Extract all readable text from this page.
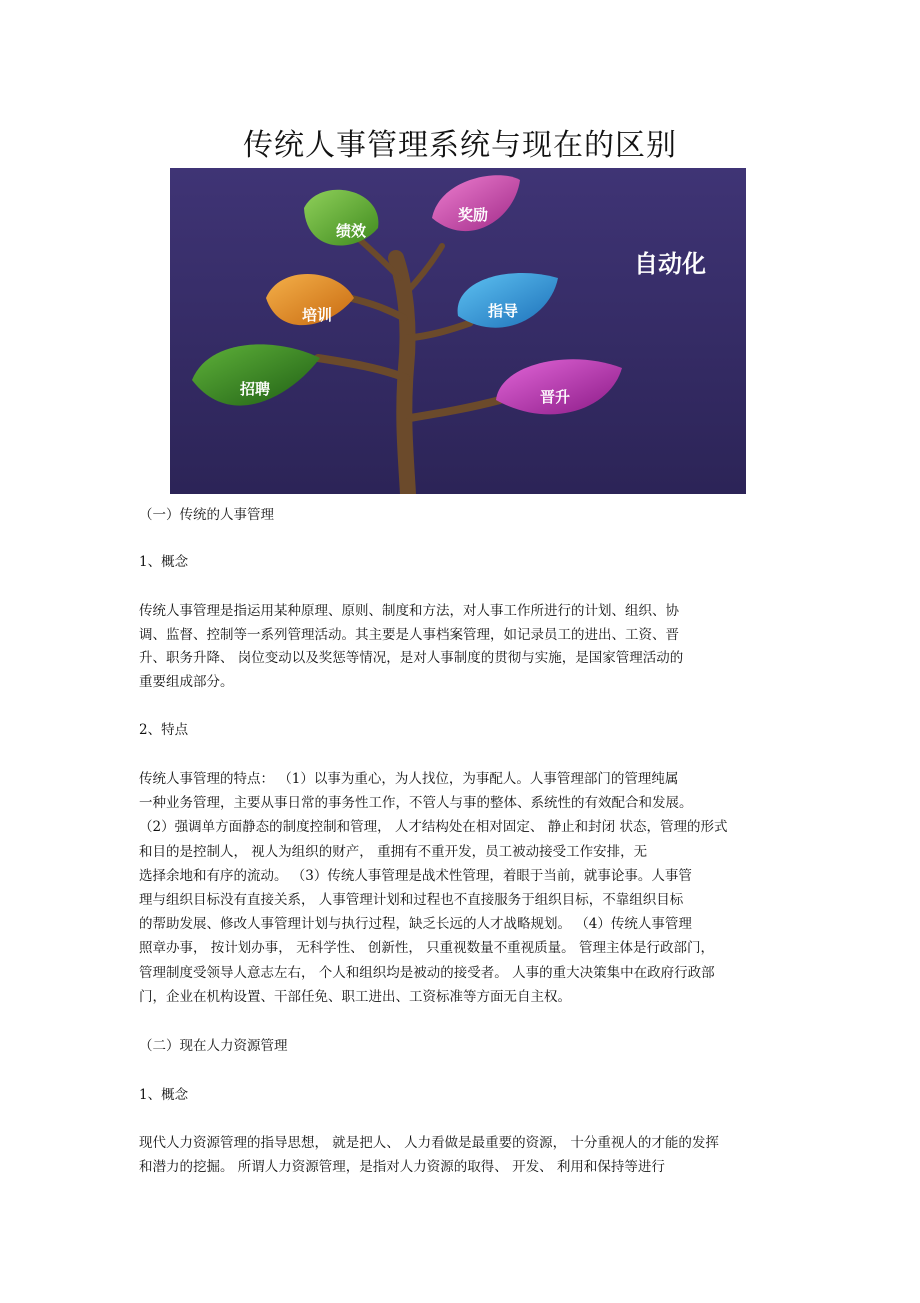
传统人事管理系统与现在的区别
招聘
培训
绩效
奖励
指导
晋升
自动化
（一）传统的人事管理
1、概念
传统人事管理是指运用某种原理、原则、制度和方法，对人事工作所进行的计划、组织、协
调、监督、控制等一系列管理活动。其主要是人事档案管理，如记录员工的进出、工资、晋
升、职务升降、 岗位变动以及奖惩等情况，是对人事制度的贯彻与实施，是国家管理活动的
重要组成部分。
2、特点
传统人事管理的特点： （1）以事为重心，为人找位，为事配人。人事管理部门的管理纯属
一种业务管理，主要从事日常的事务性工作，不管人与事的整体、系统性的有效配合和发展。
（2）强调单方面静态的制度控制和管理， 人才结构处在相对固定、 静止和封闭 状态，管理的形式
和目的是控制人， 视人为组织的财产， 重拥有不重开发，员工被动接受工作安排，无
选择余地和有序的流动。 （3）传统人事管理是战术性管理，着眼于当前，就事论事。人事管
理与组织目标没有直接关系， 人事管理计划和过程也不直接服务于组织目标，不靠组织目标
的帮助发展、修改人事管理计划与执行过程，缺乏长远的人才战略规划。 （4）传统人事管理
照章办事， 按计划办事， 无科学性、 创新性， 只重视数量不重视质量。 管理主体是行政部门，
管理制度受领导人意志左右， 个人和组织均是被动的接受者。 人事的重大决策集中在政府行政部
门，企业在机构设置、干部任免、职工进出、工资标准等方面无自主权。
（二）现在人力资源管理
1、概念
现代人力资源管理的指导思想， 就是把人、 人力看做是最重要的资源， 十分重视人的才能的发挥
和潜力的挖掘。 所谓人力资源管理，是指对人力资源的取得、 开发、 利用和保持等进行
